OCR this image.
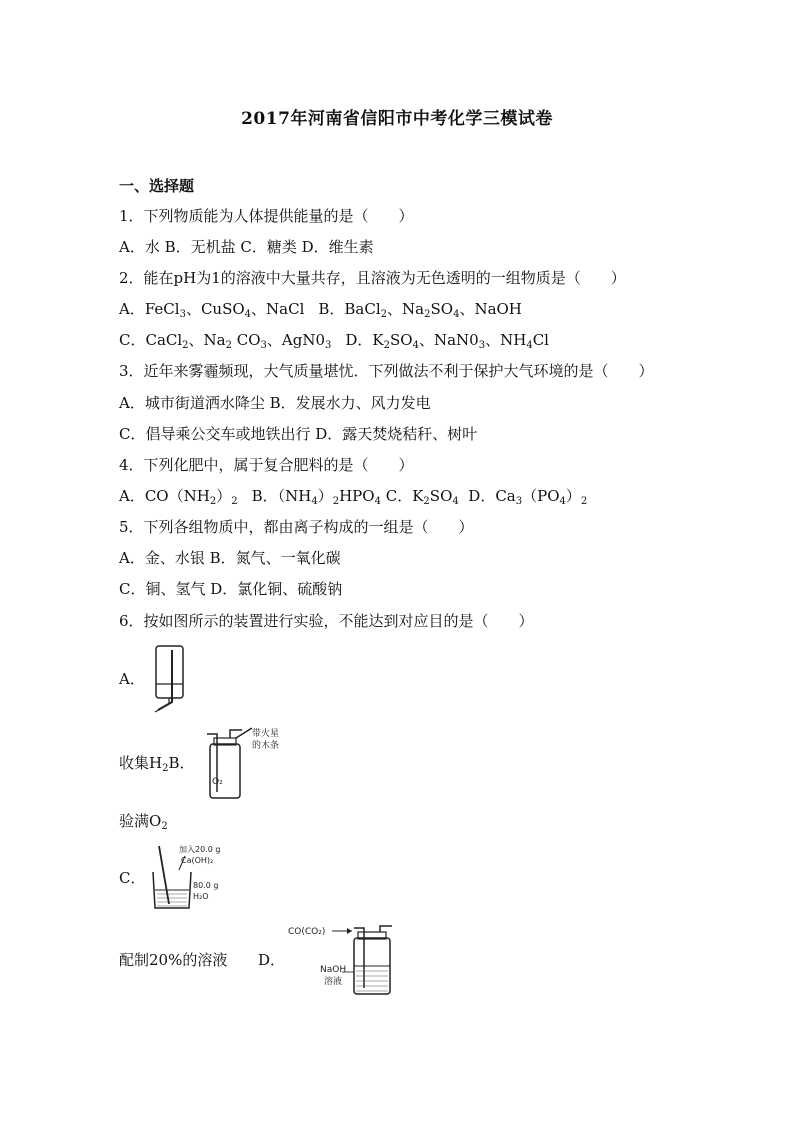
2017年河南省信阳市中考化学三模试卷
一、选择题
1．下列物质能为人体提供能量的是（　　）
A．水 B．无机盐 C．糖类 D．维生素
2．能在pH为1的溶液中大量共存，且溶液为无色透明的一组物质是（　　）
A．FeCl$_3$、CuSO$_4$、NaCl B．BaCl$_2$、$Na_2SO_4$、NaOH
C．CaCl$_2$、$Na_2$ $CO_3$、$AgN0_3$ D．$K_2SO_4$、$NaN0_3$、$NH_4Cl$
3．近年来雾霾频现，大气质量堪忧．下列做法不利于保护大气环境的是（　　）
A．城市街道洒水降尘 B．发展水力、风力发电
C．倡导乘公交车或地铁出行 D．露天焚烧秸秆、树叶
4．下列化肥中，属于复合肥料的是（　　）
A．$CO(NH_2)_2$ B．$(NH_4)_2HPO_4$ C．$K_2SO_4$ D．$Ca_3(PO_4)_2$
5．下列各组物质中，都由离子构成的一组是（　　）
A．金、水银 B．氮气、一氧化碳
C．铜、氢气 D．氯化铜、硫酸钠
6．按如图所示的装置进行实验，不能达到对应目的是（　　）
A．
收集$H_2B$．
O₂
带火星
的木条
验满$O_2$
C．
加入20.0 g
Ca(OH)₂
80.0 g
H₂O
配制20%的溶液 D．
CO(CO₂)
NaOH
溶液
